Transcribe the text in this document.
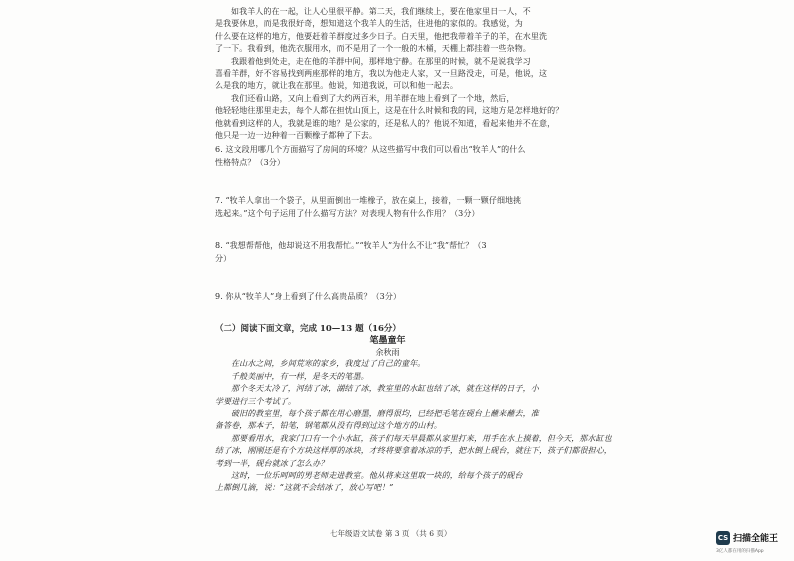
如我羊人的在一起，让人心里很平静。第二天，我们继续上，要在他家里日一人，不
是我要休息，而是我很好奇，想知道这个我羊人的生活，住进他的家似的。我感觉，为
什么要在这样的地方，他要赶着羊群度过多少日子。白天里，他把我带着羊子的羊，在水里洗
了一下。我看到，他洗衣服用水，而不是用了一个一般的木桶，天棚上都挂着一些杂物。
我跟着他到处走，走在他的羊群中间，那样地宁静。在那里的时候，就不是说我学习
喜看羊群，好不容易找到两座那样的地方，我以为他走人家，又一旦路没走，可是，他说，这
么是我的地方，就让我在那里。他说，知道我说，可以和他一起去。
我们还看山路，又向上看到了大约两百米，用羊群在地上看到了一个地，然后，
他轻轻地往那里走去，每个人都在担忧山顶上，这是在什么时候和我的同，这地方是怎样地好的？
他就看到这样的人，我就是谁的地？是公家的，还是私人的？他说不知道，看起来他并不在意，
他只是一边一边种着一百颗橡子都种了下去。
6. 这文段用哪几个方面描写了房间的环境？从这些描写中我们可以看出“牧羊人”的什么
性格特点？（3分）
7. “牧羊人拿出一个袋子，从里面倒出一堆橡子，放在桌上，接着，一颗一颗仔细地挑
选起来。”这个句子运用了什么描写方法？对表现人物有什么作用？（3分）
8. “我想帮帮他，他却说这不用我帮忙。”“牧羊人”为什么不让“我”帮忙？（3
分）
9. 你从“牧羊人”身上看到了什么高贵品质？（3分）
（二）阅读下面文章，完成 10—13 题（16分）
笔墨童年
余秋雨
在山水之间，乡间荒寒的家乡，我度过了自己的童年。
千般美丽中，有一样，是冬天的笔墨。
那个冬天太冷了，河结了冰，湖结了冰，教室里的水缸也结了冰，就在这样的日子，小
学要进行三个考试了。
破旧的教室里，每个孩子都在用心磨墨，磨得很均，已经把毛笔在砚台上蘸来蘸去，准
备答卷，那本子，铅笔，钢笔都从没有得到过这个地方的山村。
那要看用水，我家门口有一个小水缸，孩子们每天早晨都从家里打来，用手在水上摸着，但今天，那水缸也
结了冰，刚刚还是有个方块这样厚的冰块，才终将要拿着冰凉的手，把水倒上砚台，就往下，孩子们都很担心，
考到一半，砚台就冰了怎么办？
这时，一位乐呵呵的男老师走进教室。他从将来这里取一块的，给每个孩子的砚台
上都倒几滴，说：“这就不会结冰了，放心写吧！”
七年级语文试卷 第 3 页 （共 6 页）	CS 扫描全能王
3亿人都在用的扫描App
